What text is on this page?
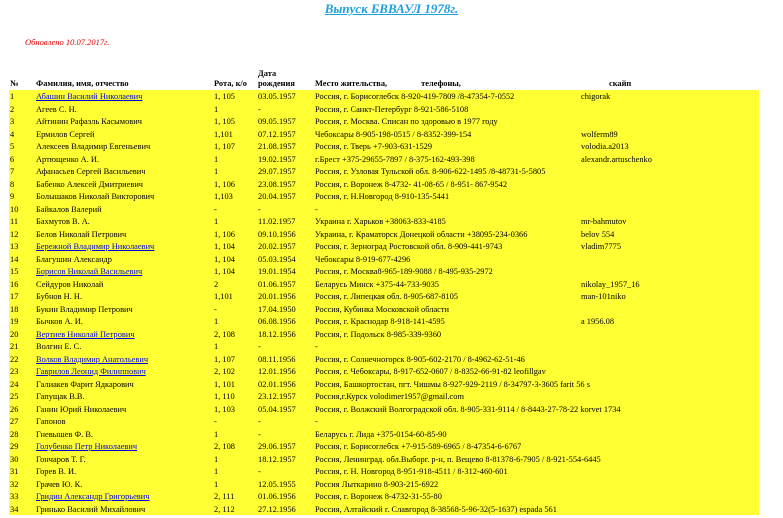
Выпуск БВВАУЛ 1978г.
Обновлено 10.07.2017г.
№	Фамилия, имя, отчество	Рота, к/о	Дата рождения	Место жительства, телефоны,	скайп
1	Абашин Василий Николаевич	1, 105	03.05.1957	Россия, г. Борисоглебск 8-920-419-7809 /8-47354-7-0552	chigorak
2	Агеев С. Н.	1	-	Россия, г. Санкт-Петербург 8-921-586-5108	
3	Айтинин Рафаэль Касымович	1, 105	09.05.1957	Россия, г. Москва. Списан по здоровью в 1977 году	
4	Ермилов Сергей	1,101	07.12.1957	Чебоксары 8-905-198-0515 / 8-8352-399-154	wolferm89
5	Алексеев Владимир Евгеньевич	1, 107	21.08.1957	Россия, г. Тверь +7-903-631-1529	volodia.a2013
6	Артющенко А. И.	1	19.02.1957	г.Брест +375-29655-7897 / 8-375-162-493-398	alexandr.artuschenko
7	Афанасьев Сергей Васильевич	1	29.07.1957	Россия, г. Узловая Тульской обл. 8-906-622-1495 /8-48731-5-5805	
8	Бабенко Алексей Дмитриевич	1, 106	23.08.1957	Россия, г. Воронеж 8-4732- 41-08-65 / 8-951- 867-9542	
9	Болышаков Николай Викторович	1,103	20.04.1957	Россия, г. Н.Новгород 8-910-135-5441	
10	Байкалов Валерий	-	-	-	
11	Бахмутов В. А.	1	11.02.1957	Украина г. Харьков +38063-833-4185	mr-bahmutov
12	Белов Николай Петрович	1, 106	09.10.1956	Украина, г. Краматорск Донецкой области +38095-234-0366	belov 554
13	Бережной Владимир Николаевич	1, 104	20.02.1957	Россия, г. Зерноград Ростовской обл. 8-909-441-9743	vladim7775
14	Благушин Александр	1, 104	05.03.1954	Чебоксары 8-919-677-4296	
15	Борисов Николай Васильевич	1, 104	19.01.1954	Россия, г. Москва8-965-189-9088 / 8-495-935-2972	
16	Сейдуров Николай	2	01.06.1957	Беларусь Минск +375-44-733-9035	nikolay_1957_16
17	Бубнов Н. Н.	1,101	20.01.1956	Россия, г. Липецкая обл. 8-905-687-8105	man-101niko
18	Букин Владимир Петрович	-	17.04.1950	Россия, Кубинка Московской области	
19	Бычков А. И.	1	06.08.1956	Россия, г. Краснодар 8-918-141-4595	a 1956.08
20	Вертиев Николай Петрович	2, 108	18.12.1956	Россия, г. Подольск 8-985-339-9360	
21	Волгин Е. С.	1	-	-	
22	Волков Владимир Анатольевич	1, 107	08.11.1956	Россия, г. Солнечногорск 8-905-602-2170 / 8-4962-62-51-46	
23	Гаврилов Леонид Филиппович	2, 102	12.01.1956	Россия, г. Чебоксары, 8-917-652-0607 / 8-8352-66-91-82 leofillgav	
24	Галиакев Фарит Ядкарович	1, 101	02.01.1956	Россия, Башкортостан, пгт. Чишмы 8-927-929-2119 / 8-34797-3-3605 farit 56 s	
25	Гапущак В.В.	1, 110	23.12.1957	Россия,г.Курск volodimer1957@gmail.com	
26	Ганин Юрий Николаевич	1, 103	05.04.1957	Россия, г. Волжский Волгоградской обл. 8-905-331-9114 / 8-8443-27-78-22 korvet 1734	
27	Гапонов	-	-	-	
28	Гневышев Ф. В.	1	-	Беларусь г. Лида +375-0154-60-85-90	
29	Голубенко Петр Николаевич	2, 108	29.06.1957	Россия, г. Борисоглебск +7-915-589-6965 / 8-47354-6-6767	
30	Гончаров Т. Г.	1	18.12.1957	Россия, Ленинград. обл.Выборг. р-н, п. Вещево 8-81378-6-7905 / 8-921-554-6445	
31	Горев В. И.	1	-	Россия, г. Н. Новгород 8-951-918-4511 / 8-312-460-601	
32	Грачев Ю. К.	1	12.05.1955	Россия Лыткарино 8-903-215-6922	
33	Гридин Александр Григорьевич	2, 111	01.06.1956	Россия, г. Воронеж 8-4732-31-55-80	
34	Гринько Василий Михайлович	2, 112	27.12.1956	Россия, Алтайский г. Славгород 8-38568-5-96-32(5-1637) espada 561	
